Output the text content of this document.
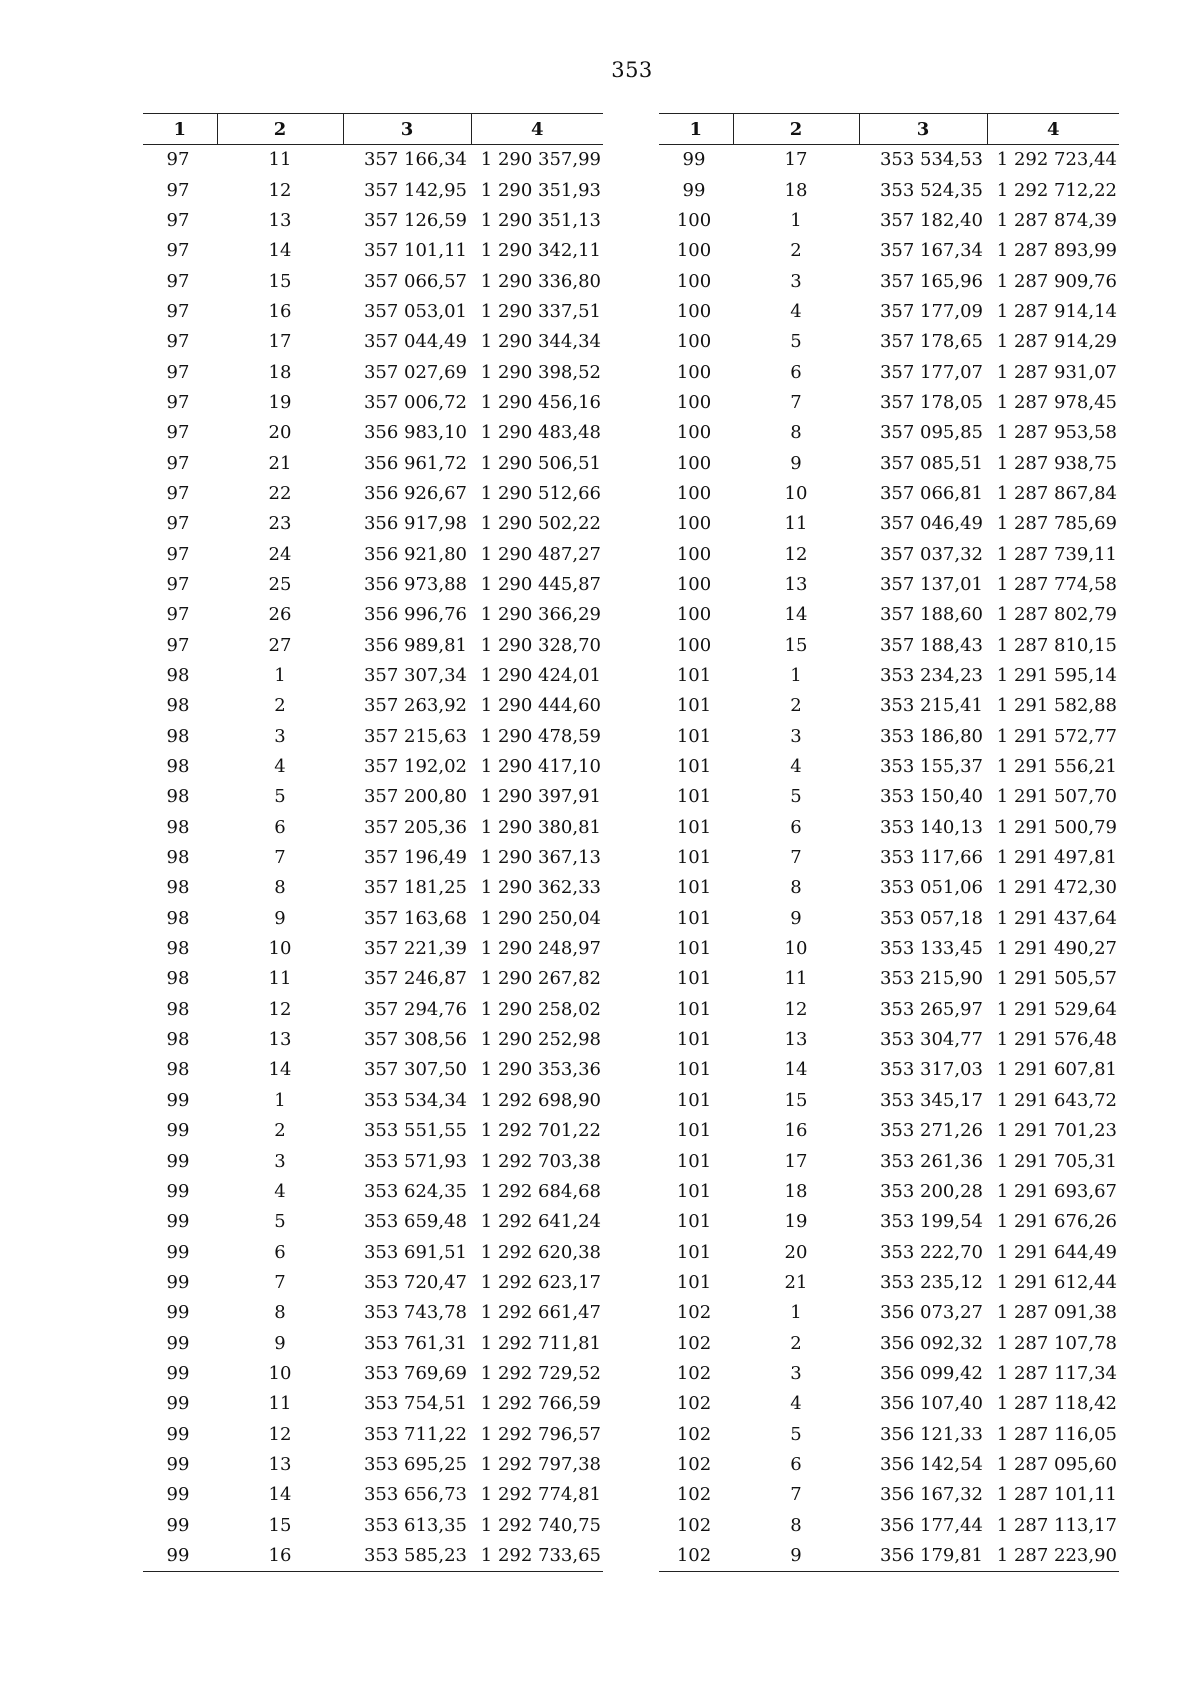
353
1	2	3	4
97	11	357 166,34	1 290 357,99
97	12	357 142,95	1 290 351,93
97	13	357 126,59	1 290 351,13
97	14	357 101,11	1 290 342,11
97	15	357 066,57	1 290 336,80
97	16	357 053,01	1 290 337,51
97	17	357 044,49	1 290 344,34
97	18	357 027,69	1 290 398,52
97	19	357 006,72	1 290 456,16
97	20	356 983,10	1 290 483,48
97	21	356 961,72	1 290 506,51
97	22	356 926,67	1 290 512,66
97	23	356 917,98	1 290 502,22
97	24	356 921,80	1 290 487,27
97	25	356 973,88	1 290 445,87
97	26	356 996,76	1 290 366,29
97	27	356 989,81	1 290 328,70
98	1	357 307,34	1 290 424,01
98	2	357 263,92	1 290 444,60
98	3	357 215,63	1 290 478,59
98	4	357 192,02	1 290 417,10
98	5	357 200,80	1 290 397,91
98	6	357 205,36	1 290 380,81
98	7	357 196,49	1 290 367,13
98	8	357 181,25	1 290 362,33
98	9	357 163,68	1 290 250,04
98	10	357 221,39	1 290 248,97
98	11	357 246,87	1 290 267,82
98	12	357 294,76	1 290 258,02
98	13	357 308,56	1 290 252,98
98	14	357 307,50	1 290 353,36
99	1	353 534,34	1 292 698,90
99	2	353 551,55	1 292 701,22
99	3	353 571,93	1 292 703,38
99	4	353 624,35	1 292 684,68
99	5	353 659,48	1 292 641,24
99	6	353 691,51	1 292 620,38
99	7	353 720,47	1 292 623,17
99	8	353 743,78	1 292 661,47
99	9	353 761,31	1 292 711,81
99	10	353 769,69	1 292 729,52
99	11	353 754,51	1 292 766,59
99	12	353 711,22	1 292 796,57
99	13	353 695,25	1 292 797,38
99	14	353 656,73	1 292 774,81
99	15	353 613,35	1 292 740,75
99	16	353 585,23	1 292 733,65
1	2	3	4
99	17	353 534,53	1 292 723,44
99	18	353 524,35	1 292 712,22
100	1	357 182,40	1 287 874,39
100	2	357 167,34	1 287 893,99
100	3	357 165,96	1 287 909,76
100	4	357 177,09	1 287 914,14
100	5	357 178,65	1 287 914,29
100	6	357 177,07	1 287 931,07
100	7	357 178,05	1 287 978,45
100	8	357 095,85	1 287 953,58
100	9	357 085,51	1 287 938,75
100	10	357 066,81	1 287 867,84
100	11	357 046,49	1 287 785,69
100	12	357 037,32	1 287 739,11
100	13	357 137,01	1 287 774,58
100	14	357 188,60	1 287 802,79
100	15	357 188,43	1 287 810,15
101	1	353 234,23	1 291 595,14
101	2	353 215,41	1 291 582,88
101	3	353 186,80	1 291 572,77
101	4	353 155,37	1 291 556,21
101	5	353 150,40	1 291 507,70
101	6	353 140,13	1 291 500,79
101	7	353 117,66	1 291 497,81
101	8	353 051,06	1 291 472,30
101	9	353 057,18	1 291 437,64
101	10	353 133,45	1 291 490,27
101	11	353 215,90	1 291 505,57
101	12	353 265,97	1 291 529,64
101	13	353 304,77	1 291 576,48
101	14	353 317,03	1 291 607,81
101	15	353 345,17	1 291 643,72
101	16	353 271,26	1 291 701,23
101	17	353 261,36	1 291 705,31
101	18	353 200,28	1 291 693,67
101	19	353 199,54	1 291 676,26
101	20	353 222,70	1 291 644,49
101	21	353 235,12	1 291 612,44
102	1	356 073,27	1 287 091,38
102	2	356 092,32	1 287 107,78
102	3	356 099,42	1 287 117,34
102	4	356 107,40	1 287 118,42
102	5	356 121,33	1 287 116,05
102	6	356 142,54	1 287 095,60
102	7	356 167,32	1 287 101,11
102	8	356 177,44	1 287 113,17
102	9	356 179,81	1 287 223,90
